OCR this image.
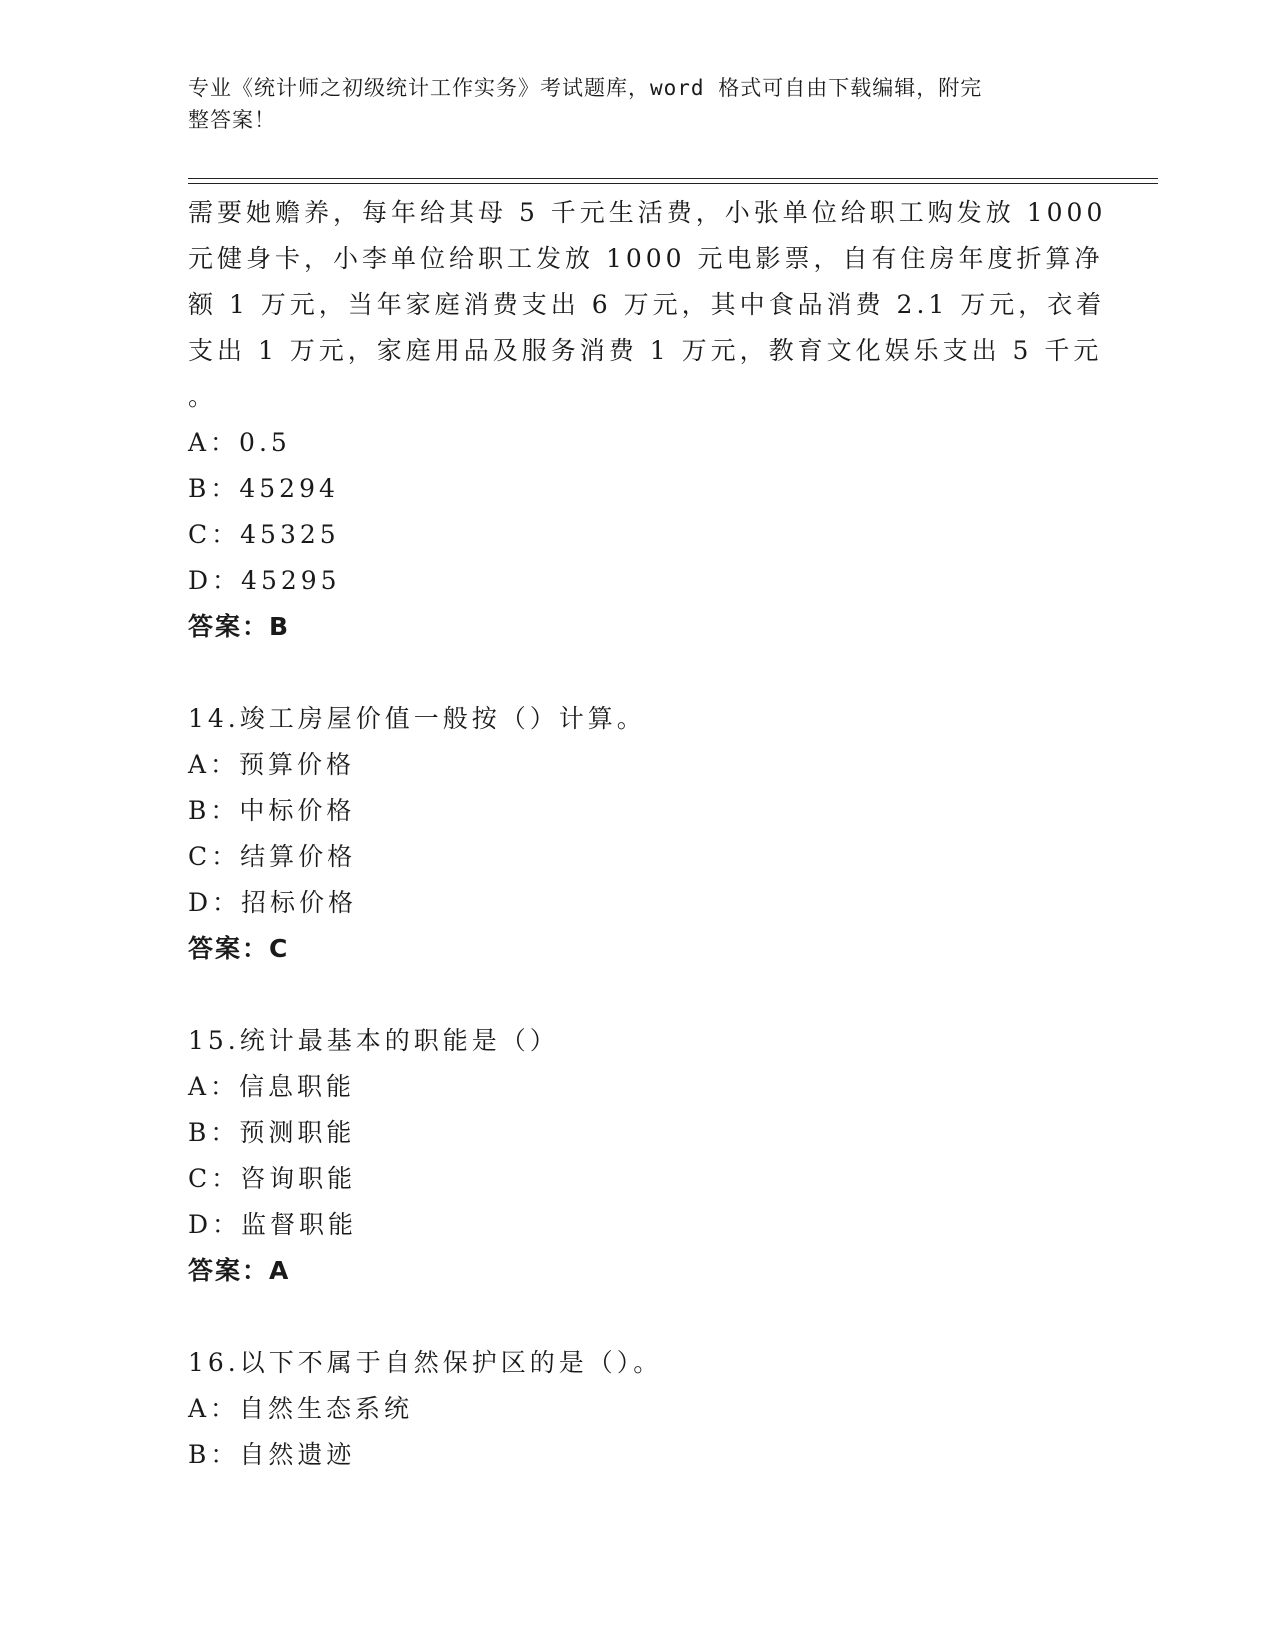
专业《统计师之初级统计工作实务》考试题库，word 格式可自由下载编辑，附完
整答案！
需要她赡养，每年给其母 5 千元生活费，小张单位给职工购发放 1000
元健身卡，小李单位给职工发放 1000 元电影票，自有住房年度折算净
额 1 万元，当年家庭消费支出 6 万元，其中食品消费 2.1 万元，衣着
支出 1 万元，家庭用品及服务消费 1 万元，教育文化娱乐支出 5 千元
。
A：0.5
B：45294
C：45325
D：45295
答案：B
14.竣工房屋价值一般按（）计算。
A：预算价格
B：中标价格
C：结算价格
D：招标价格
答案：C
15.统计最基本的职能是（）
A：信息职能
B：预测职能
C：咨询职能
D：监督职能
答案：A
16.以下不属于自然保护区的是（）。
A：自然生态系统
B：自然遗迹
